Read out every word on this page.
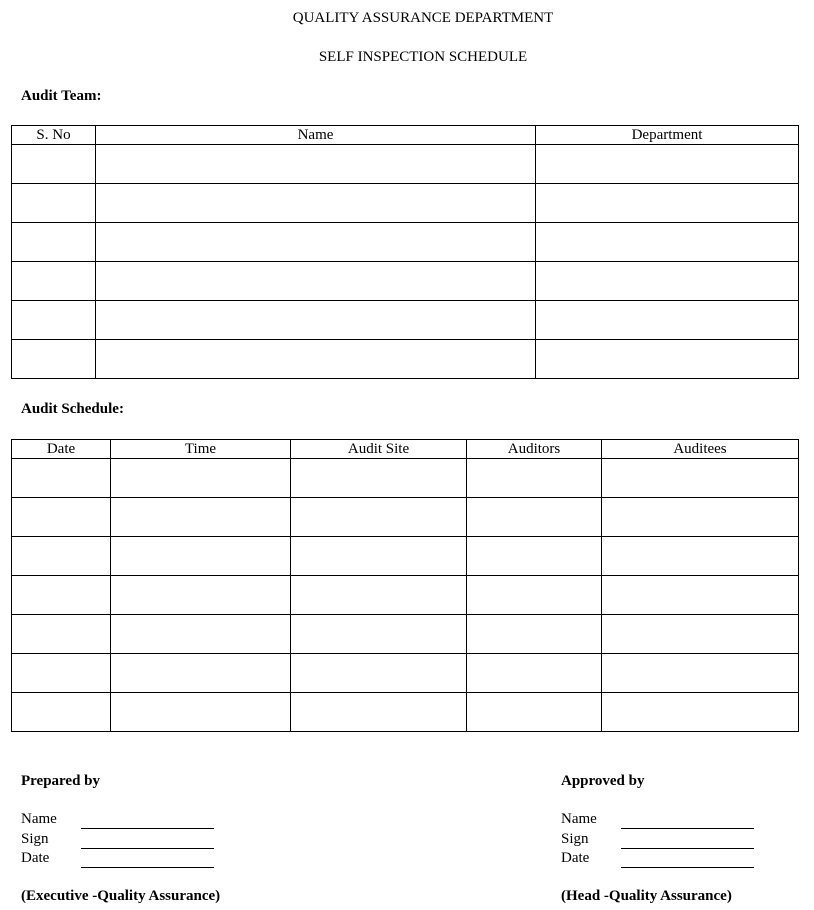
QUALITY ASSURANCE DEPARTMENT
SELF INSPECTION SCHEDULE
Audit Team:
S. No	Name	Department

Audit Schedule:
Date	Time	Audit Site	Auditors	Auditees

Prepared by
Name
Sign
Date
(Executive -Quality Assurance)
Approved by
Name
Sign
Date
(Head -Quality Assurance)
